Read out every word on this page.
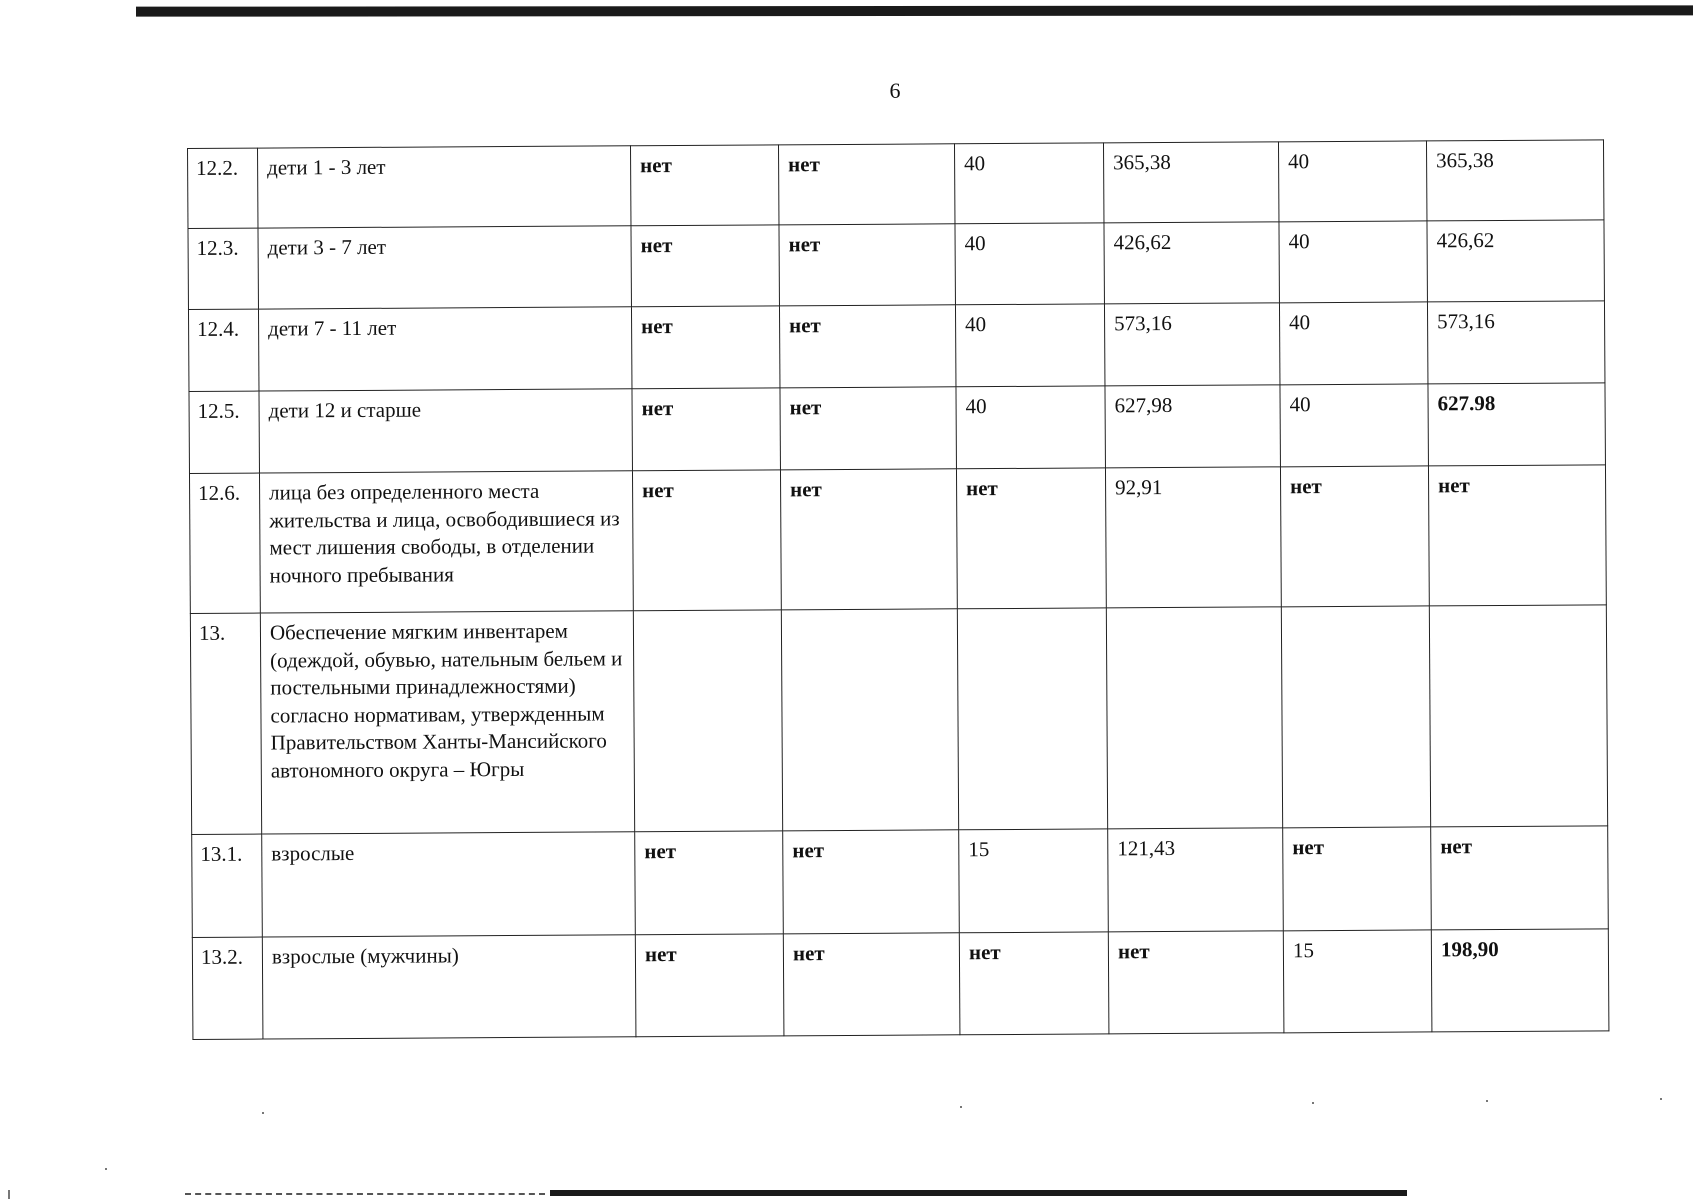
6
12.2.	дети 1 - 3 лет	нет	нет	40	365,38	40	365,38
12.3.	дети 3 - 7 лет	нет	нет	40	426,62	40	426,62
12.4.	дети 7 - 11 лет	нет	нет	40	573,16	40	573,16
12.5.	дети 12 и старше	нет	нет	40	627,98	40	627.98
12.6.	лица без определенного места жительства и лица, освободившиеся из мест лишения свободы, в отделении ночного пребывания	нет	нет	нет	92,91	нет	нет
13.	Обеспечение мягким инвентарем (одеждой, обувью, нательным бельем и постельными принадлежностями) согласно нормативам, утвержденным Правительством Ханты-Мансийского автономного округа – Югры						
13.1.	взрослые	нет	нет	15	121,43	нет	нет
13.2.	взрослые (мужчины)	нет	нет	нет	нет	15	198,90
